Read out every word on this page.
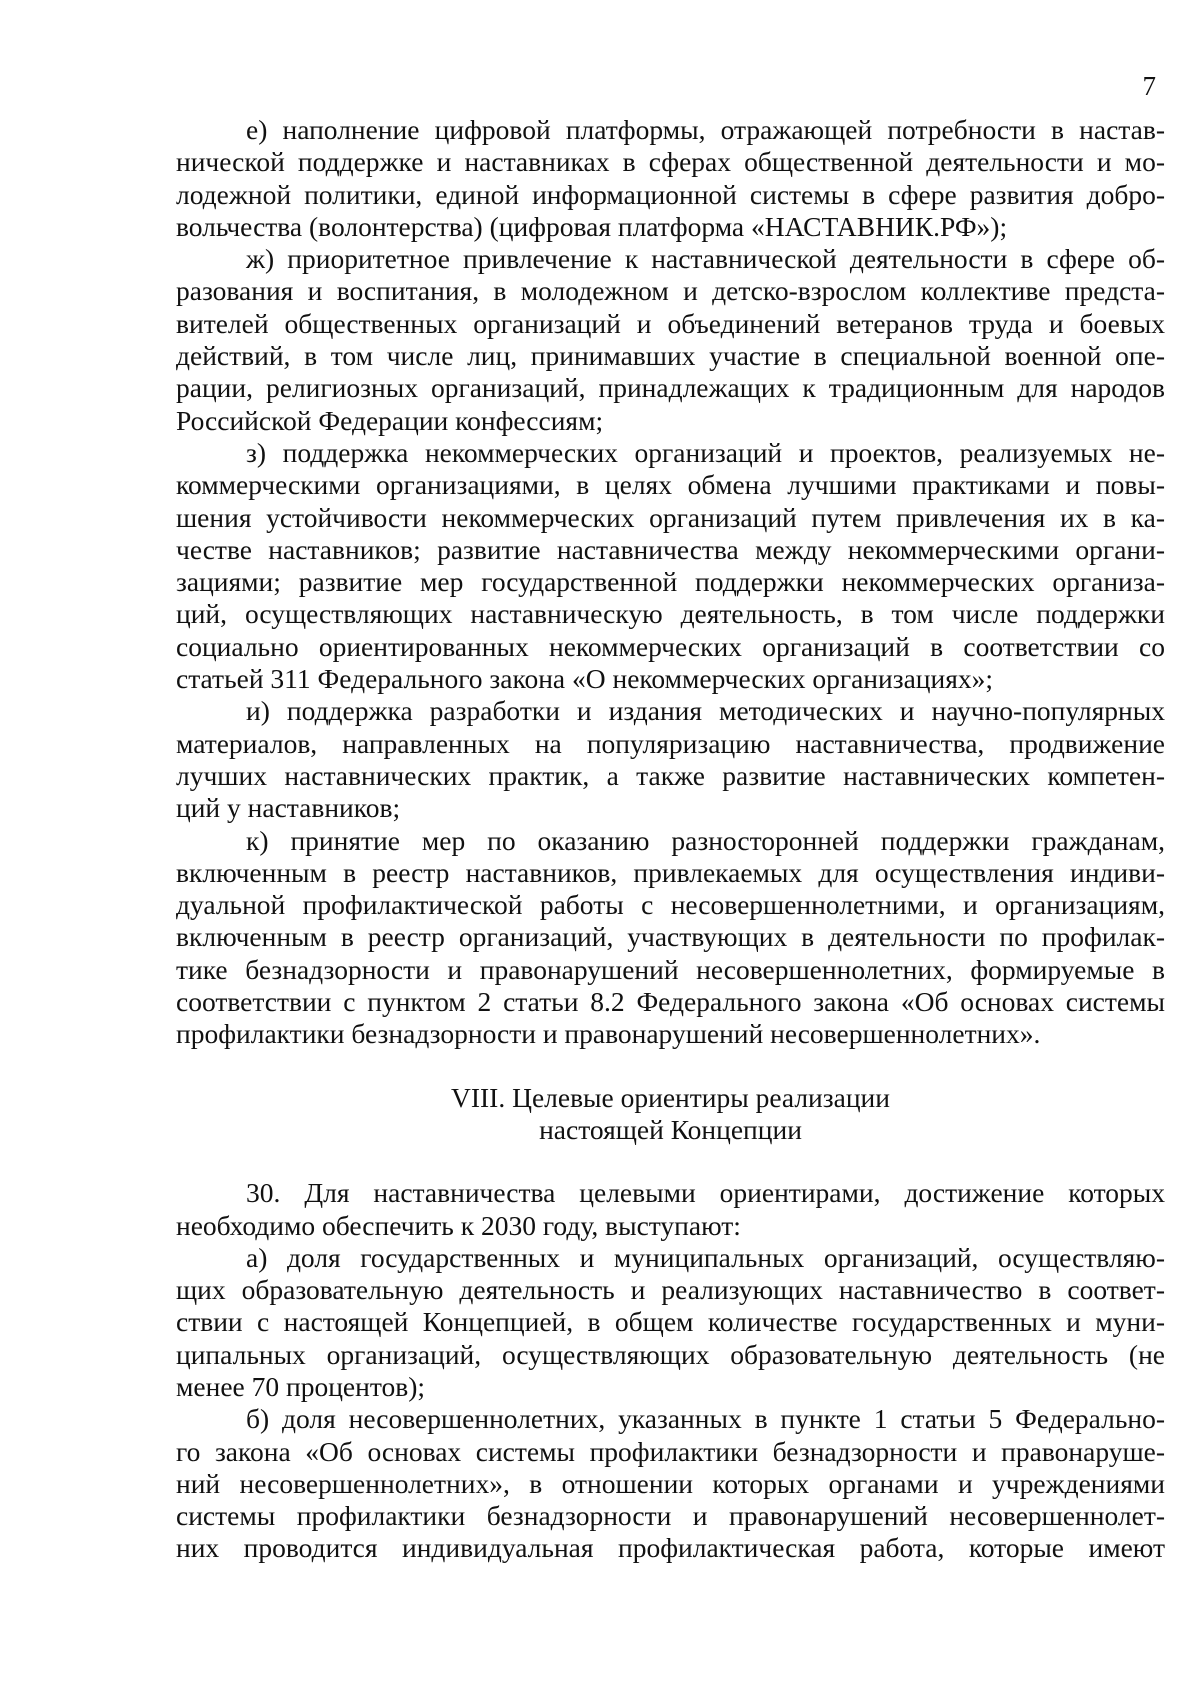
7
е) наполнение цифровой платформы, отражающей потребности в настав-
нической поддержке и наставниках в сферах общественной деятельности и мо-
лодежной политики, единой информационной системы в сфере развития добро-
вольчества (волонтерства) (цифровая платформа «НАСТАВНИК.РФ»);
ж) приоритетное привлечение к наставнической деятельности в сфере об-
разования и воспитания, в молодежном и детско-взрослом коллективе предста-
вителей общественных организаций и объединений ветеранов труда и боевых
действий, в том числе лиц, принимавших участие в специальной военной опе-
рации, религиозных организаций, принадлежащих к традиционным для народов
Российской Федерации конфессиям;
з) поддержка некоммерческих организаций и проектов, реализуемых не-
коммерческими организациями, в целях обмена лучшими практиками и повы-
шения устойчивости некоммерческих организаций путем привлечения их в ка-
честве наставников; развитие наставничества между некоммерческими органи-
зациями; развитие мер государственной поддержки некоммерческих организа-
ций, осуществляющих наставническую деятельность, в том числе поддержки
социально ориентированных некоммерческих организаций в соответствии со
статьей 311 Федерального закона «О некоммерческих организациях»;
и) поддержка разработки и издания методических и научно-популярных
материалов, направленных на популяризацию наставничества, продвижение
лучших наставнических практик, а также развитие наставнических компетен-
ций у наставников;
к) принятие мер по оказанию разносторонней поддержки гражданам,
включенным в реестр наставников, привлекаемых для осуществления индиви-
дуальной профилактической работы с несовершеннолетними, и организациям,
включенным в реестр организаций, участвующих в деятельности по профилак-
тике безнадзорности и правонарушений несовершеннолетних, формируемые в
соответствии с пунктом 2 статьи 8.2 Федерального закона «Об основах системы
профилактики безнадзорности и правонарушений несовершеннолетних».
VIII. Целевые ориентиры реализации
настоящей Концепции
30. Для наставничества целевыми ориентирами, достижение которых
необходимо обеспечить к 2030 году, выступают:
а) доля государственных и муниципальных организаций, осуществляю-
щих образовательную деятельность и реализующих наставничество в соответ-
ствии с настоящей Концепцией, в общем количестве государственных и муни-
ципальных организаций, осуществляющих образовательную деятельность (не
менее 70 процентов);
б) доля несовершеннолетних, указанных в пункте 1 статьи 5 Федерально-
го закона «Об основах системы профилактики безнадзорности и правонаруше-
ний несовершеннолетних», в отношении которых органами и учреждениями
системы профилактики безнадзорности и правонарушений несовершеннолет-
них проводится индивидуальная профилактическая работа, которые имеют
